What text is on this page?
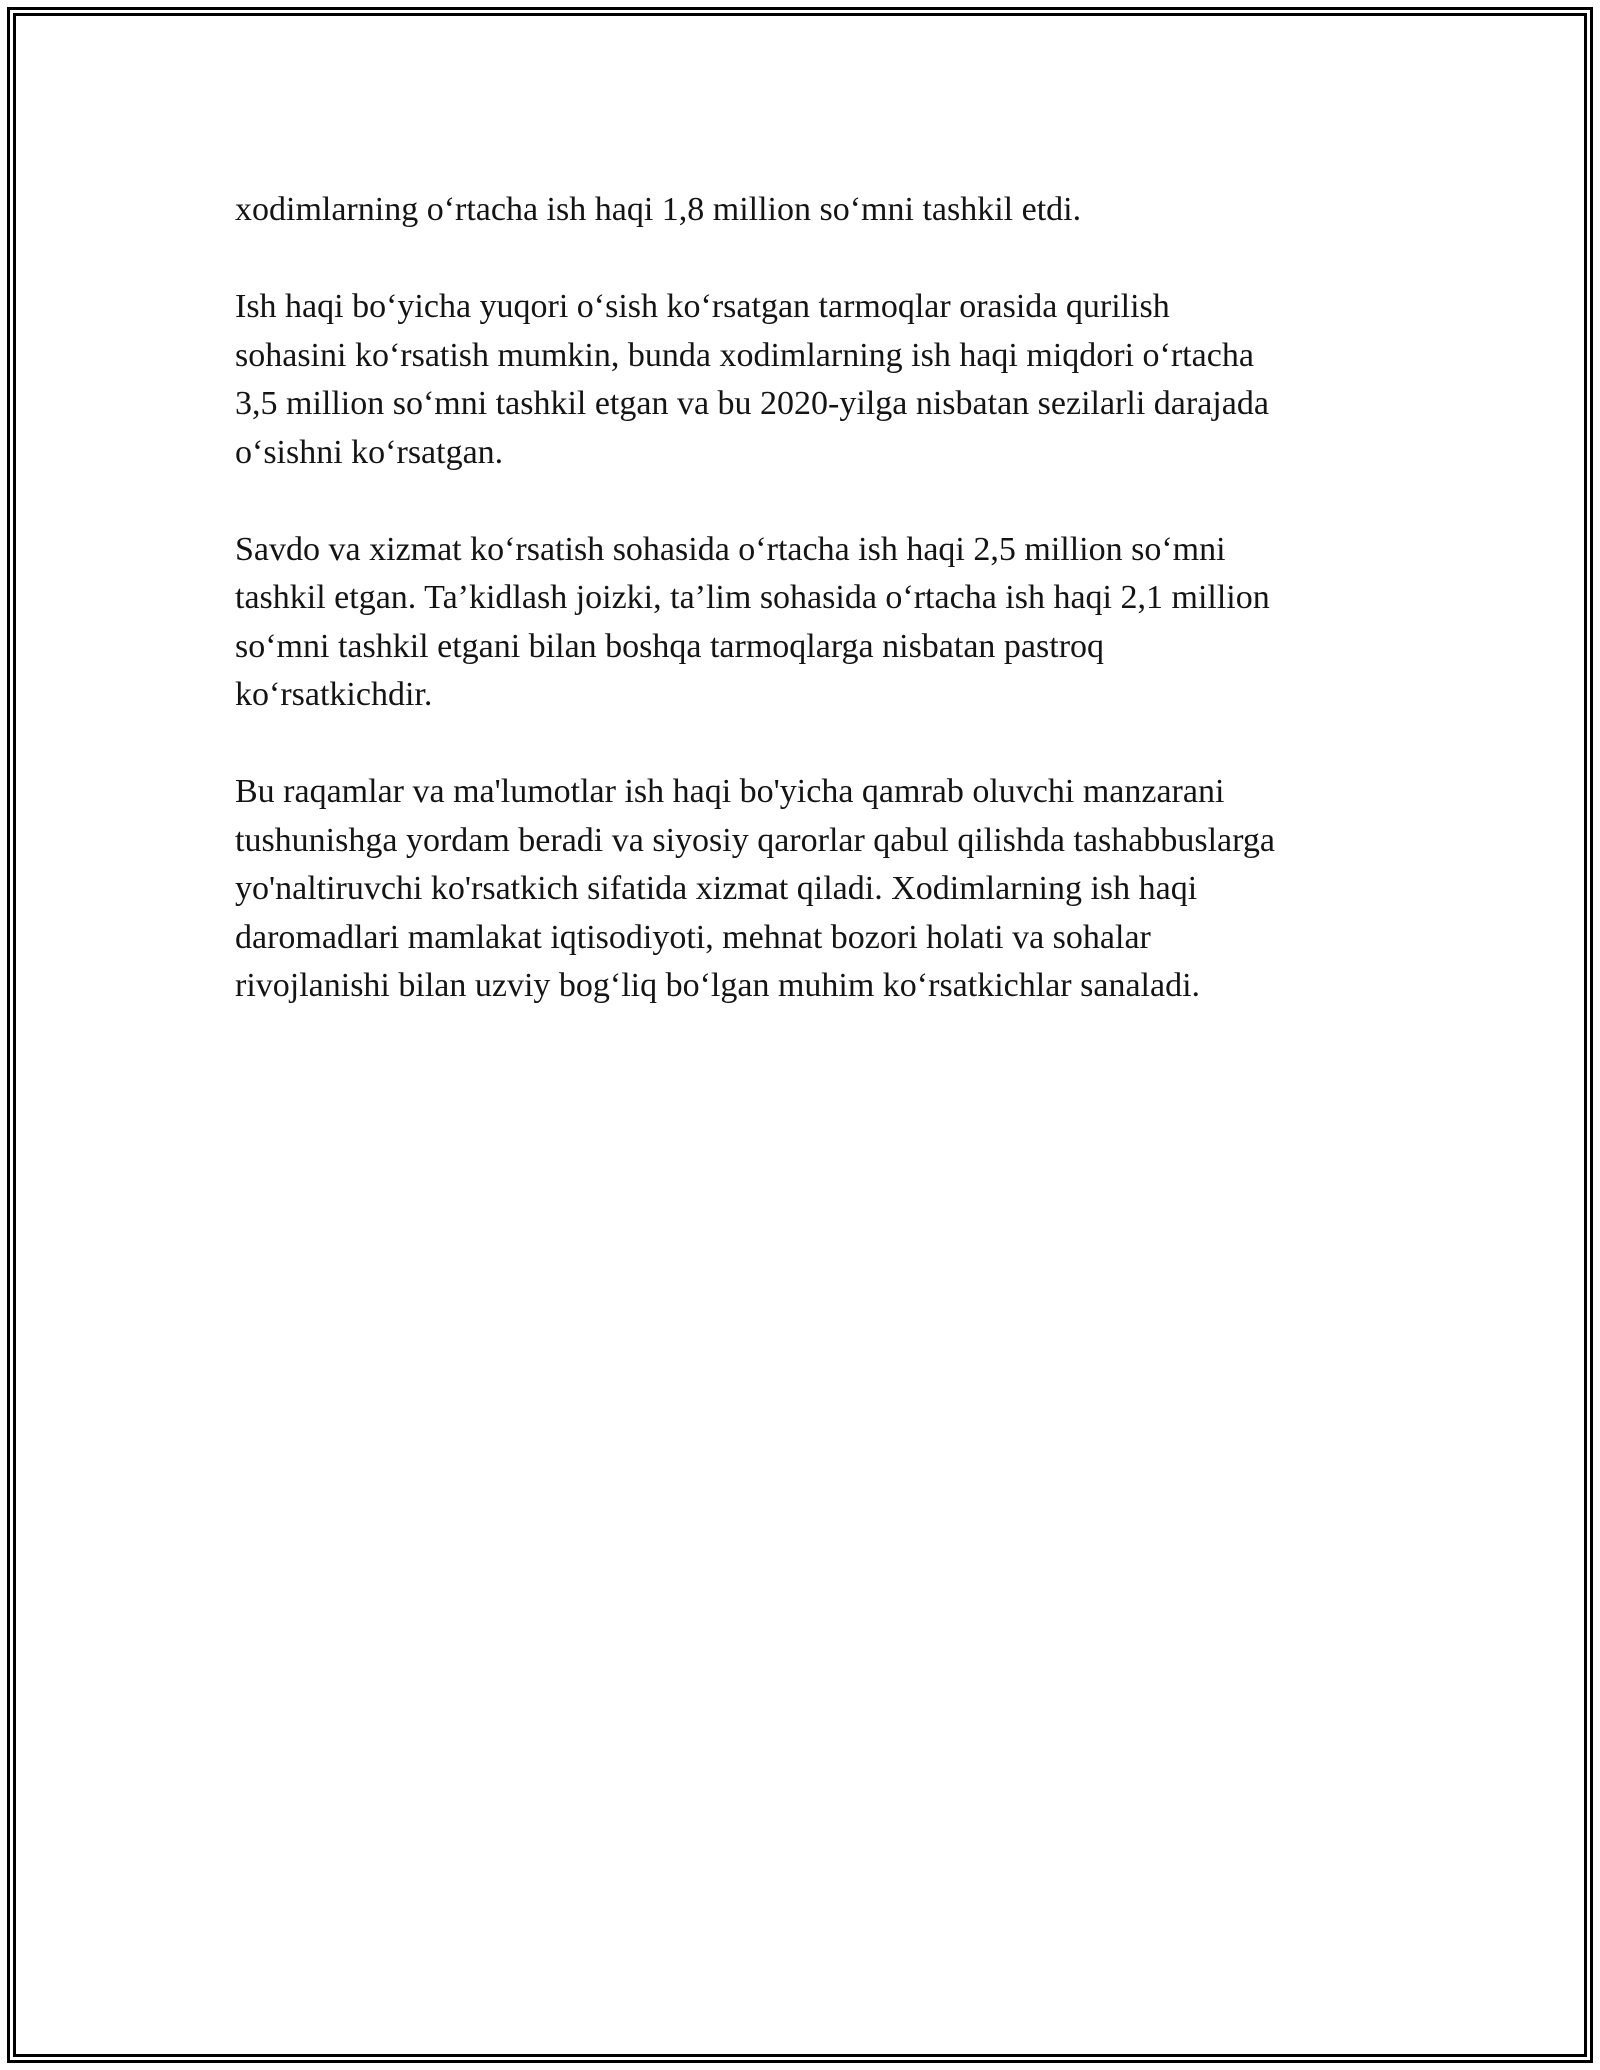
xodimlarning o‘rtacha ish haqi 1,8 million so‘mni tashkil etdi.

Ish haqi bo‘yicha yuqori o‘sish ko‘rsatgan tarmoqlar orasida qurilish
sohasini ko‘rsatish mumkin, bunda xodimlarning ish haqi miqdori o‘rtacha
3,5 million so‘mni tashkil etgan va bu 2020-yilga nisbatan sezilarli darajada
o‘sishni ko‘rsatgan.

Savdo va xizmat ko‘rsatish sohasida o‘rtacha ish haqi 2,5 million so‘mni
tashkil etgan. Ta’kidlash joizki, ta’lim sohasida o‘rtacha ish haqi 2,1 million
so‘mni tashkil etgani bilan boshqa tarmoqlarga nisbatan pastroq
ko‘rsatkichdir.

Bu raqamlar va ma'lumotlar ish haqi bo'yicha qamrab oluvchi manzarani
tushunishga yordam beradi va siyosiy qarorlar qabul qilishda tashabbuslarga
yo'naltiruvchi ko'rsatkich sifatida xizmat qiladi. Xodimlarning ish haqi
daromadlari mamlakat iqtisodiyoti, mehnat bozori holati va sohalar
rivojlanishi bilan uzviy bog‘liq bo‘lgan muhim ko‘rsatkichlar sanaladi.
